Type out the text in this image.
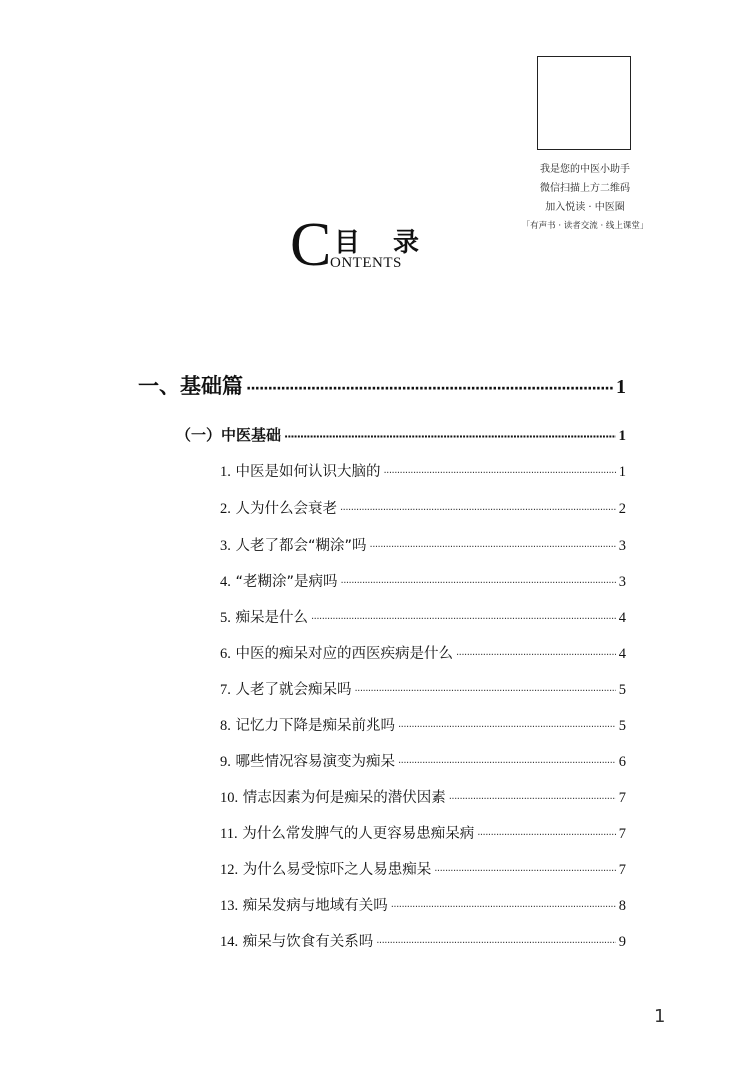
我是您的中医小助手
微信扫描上方二维码
加入悦读 · 中医圈
「有声书 · 读者交流 · 线上课堂」
C 目 录
ONTENTS
一、基础篇 ·····	1
（一）中医基础 ·····	1
1. 中医是如何认识大脑的 ·····	1
2. 人为什么会衰老 ·····	2
3. 人老了都会“糊涂”吗 ·····	3
4. “老糊涂”是病吗 ·····	3
5. 痴呆是什么 ·····	4
6. 中医的痴呆对应的西医疾病是什么 ·····	4
7. 人老了就会痴呆吗 ·····	5
8. 记忆力下降是痴呆前兆吗 ·····	5
9. 哪些情况容易演变为痴呆 ·····	6
10. 情志因素为何是痴呆的潜伏因素 ·····	7
11. 为什么常发脾气的人更容易患痴呆病 ·····	7
12. 为什么易受惊吓之人易患痴呆 ·····	7
13. 痴呆发病与地域有关吗 ·····	8
14. 痴呆与饮食有关系吗 ·····	9
1
